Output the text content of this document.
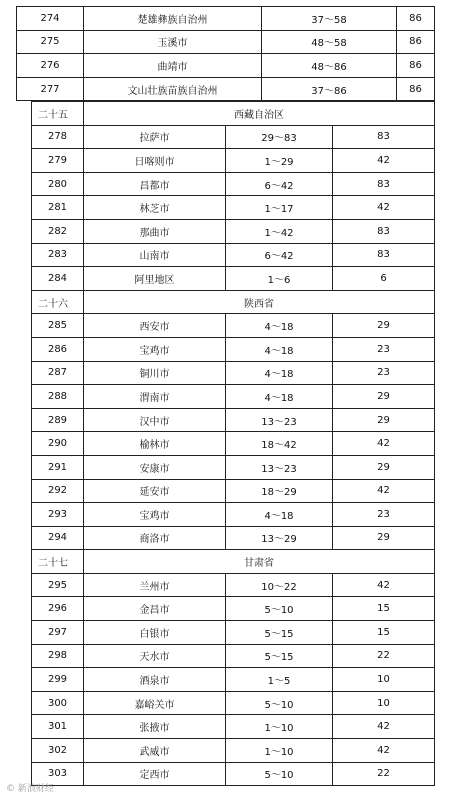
274	楚雄彝族自治州	37～58	86
275	玉溪市	48～58	86
276	曲靖市	48～86	86
277	文山壮族苗族自治州	37～86	86
二十五	西藏自治区		
278	拉萨市	29～83	83
279	日喀则市	1～29	42
280	昌都市	6～42	83
281	林芝市	1～17	42
282	那曲市	1～42	83
283	山南市	6～42	83
284	阿里地区	1～6	6
二十六	陕西省		
285	西安市	4～18	29
286	宝鸡市	4～18	23
287	铜川市	4～18	23
288	渭南市	4～18	29
289	汉中市	13～23	29
290	榆林市	18～42	42
291	安康市	13～23	29
292	延安市	18～29	42
293	宝鸡市	4～18	23
294	商洛市	13～29	29
二十七	甘肃省		
295	兰州市	10～22	42
296	金昌市	5～10	15
297	白银市	5～15	15
298	天水市	5～15	22
299	酒泉市	1～5	10
300	嘉峪关市	5～10	10
301	张掖市	1～10	42
302	武威市	1～10	42
303	定西市	5～10	22
© 新浪财经
